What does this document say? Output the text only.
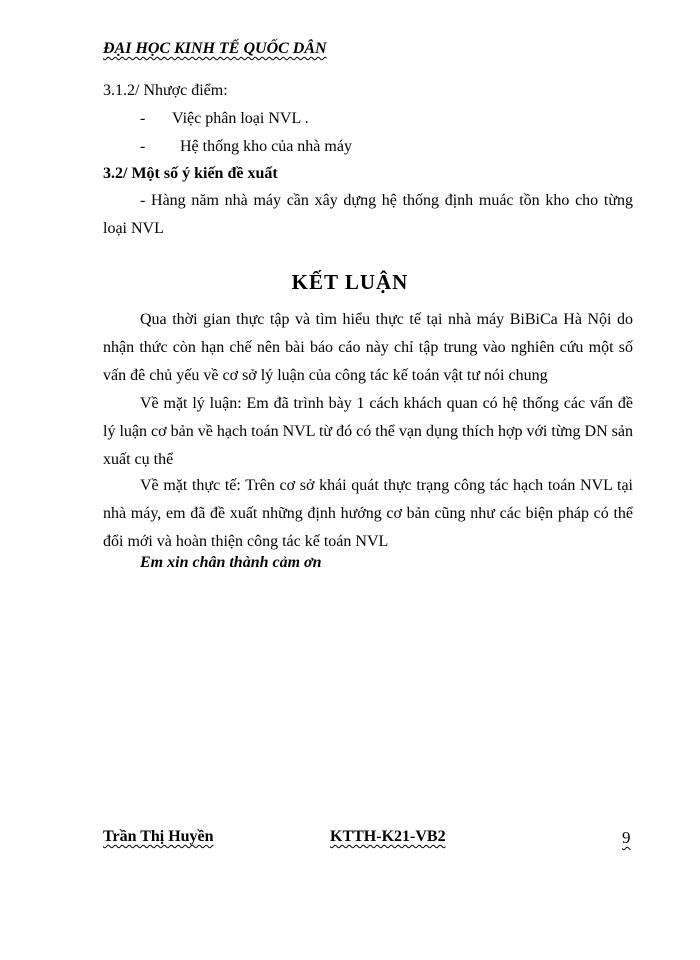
ĐẠI HỌC KINH TẾ QUỐC DÂN
3.1.2/ Nhược điểm:
- Việc phân loại NVL .
- Hệ thống kho của nhà máy
3.2/ Một số ý kiến đề xuất
- Hàng năm nhà máy cần xây dựng hệ thống định muác tồn kho cho từng loại NVL
KẾT LUẬN
Qua thời gian thực tập và tìm hiểu thực tế tại nhà máy BiBiCa Hà Nội do nhận thức còn hạn chế nên bài báo cáo này chỉ tập trung vào nghiên cứu một số vấn đê chủ yếu về cơ sở lý luận của công tác kế toán vật tư nói chung
Về mặt lý luận: Em đã trình bày 1 cách khách quan có hệ thống các vấn đề lý luận cơ bản về hạch toán NVL từ đó có thể vạn dụng thích hợp với từng DN sản xuất cụ thể
Về mặt thực tế: Trên cơ sở khái quát thực trạng công tác hạch toán NVL tại nhà máy, em đã đề xuất những định hướng cơ bản cũng như các biện pháp có thể đổi mới và hoàn thiện công tác kế toán NVL
Em xin chân thành cảm ơn
Trần Thị Huyền	KTTH-K21-VB2	9
